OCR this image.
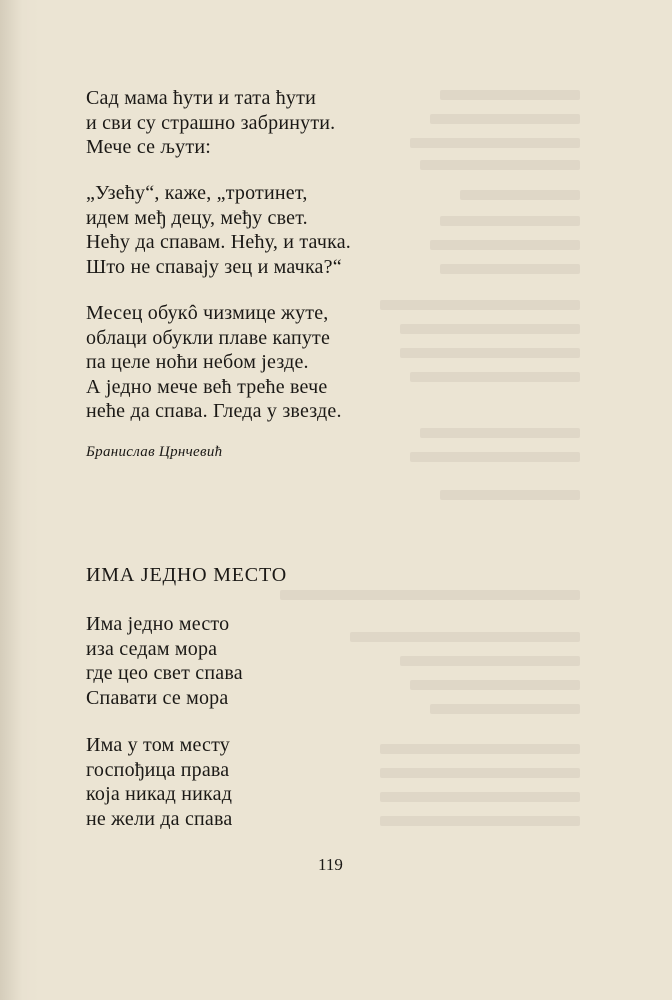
Сад мама ћути и тата ћути
и сви су страшно забринути.
Мече се љути:

„Узећу“, каже, „тротинет,
идем међ децу, међу свет.
Нећу да спавам. Нећу, и тачка.
Што не спавају зец и мачка?“

Месец обукô чизмице жуте,
облаци обукли плаве капуте
па целе ноћи небом језде.
А једно мече већ треће вече
неће да спава. Гледа у звезде.

Бранислав Црнчевић
ИМА ЈЕДНО МЕСТО

Има једно место
иза седам мора
где цео свет спава
Спавати се мора

Има у том месту
госпођица права
која никад никад
не жели да спава

119
